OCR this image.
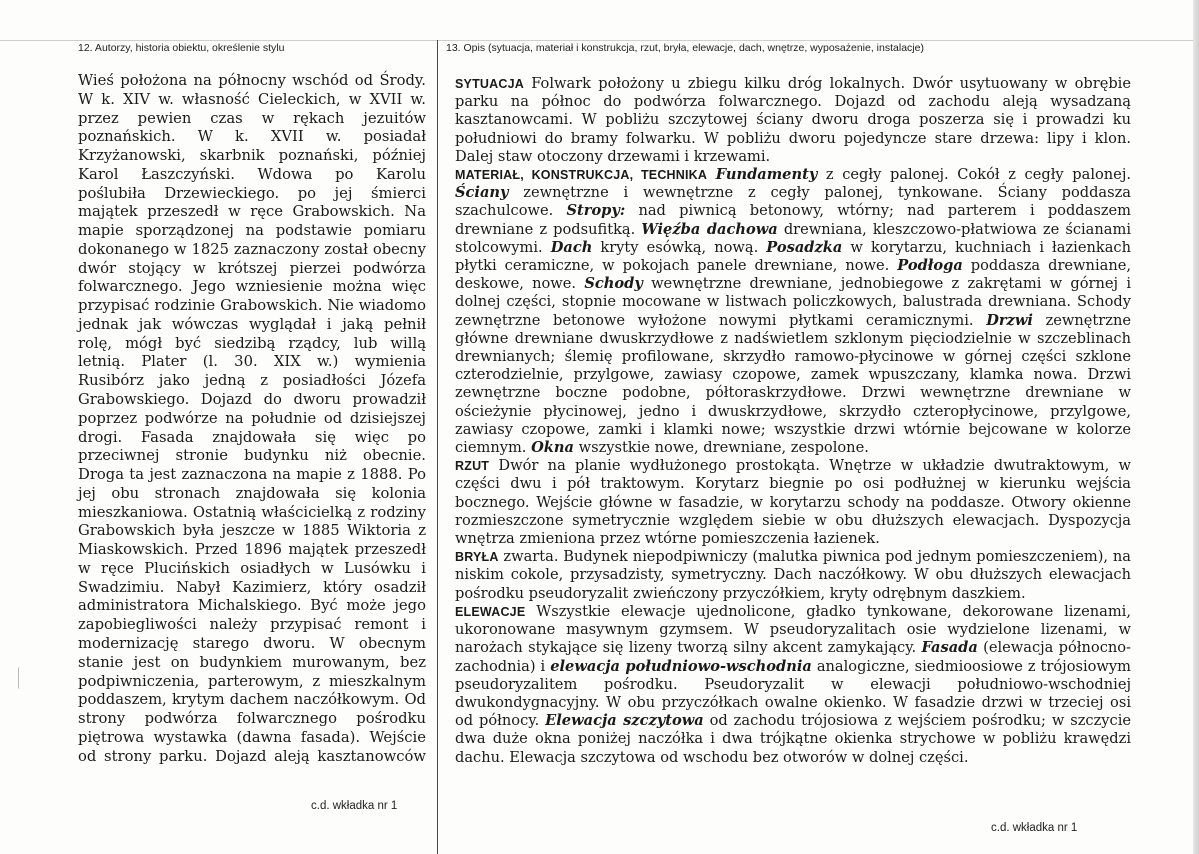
12. Autorzy, historia obiektu, określenie stylu	13. Opis (sytuacja, materiał i konstrukcja, rzut, bryła, elewacje, dach, wnętrze, wyposażenie, instalacje)
Wieś położona na północny wschód od Środy. W k. XIV w. własność Cieleckich, w XVII w. przez pewien czas w rękach jezuitów poznańskich. W k. XVII w. posiadał Krzyżanowski, skarbnik poznański, później Karol Łaszczyński. Wdowa po Karolu poślubiła Drzewieckiego. po jej śmierci majątek przeszedł w ręce Grabowskich. Na mapie sporządzonej na podstawie pomiaru dokonanego w 1825 zaznaczony został obecny dwór stojący w krótszej pierzei podwórza folwarcznego. Jego wzniesienie można więc przypisać rodzinie Grabowskich. Nie wiadomo jednak jak wówczas wyglądał i jaką pełnił rolę, mógł być siedzibą rządcy, lub willą letnią. Plater (l. 30. XIX w.) wymienia Rusibórz jako jedną z posiadłości Józefa Grabowskiego. Dojazd do dworu prowadził poprzez podwórze na południe od dzisiejszej drogi. Fasada znajdowała się więc po przeciwnej stronie budynku niż obecnie. Droga ta jest zaznaczona na mapie z 1888. Po jej obu stronach znajdowała się kolonia mieszkaniowa. Ostatnią właścicielką z rodziny Grabowskich była jeszcze w 1885 Wiktoria z Miaskowskich. Przed 1896 majątek przeszedł w ręce Plucińskich osiadłych w Lusówku i Swadzimiu. Nabył Kazimierz, który osadził administratora Michalskiego. Być może jego zapobiegliwości należy przypisać remont i modernizację starego dworu. W obecnym stanie jest on budynkiem murowanym, bez podpiwniczenia, parterowym, z mieszkalnym poddaszem, krytym dachem naczółkowym. Od strony podwórza folwarcznego pośrodku piętrowa wystawka (dawna fasada). Wejście od strony parku. Dojazd aleją kasztanowców
SYTUACJA Folwark położony u zbiegu kilku dróg lokalnych. Dwór usytuowany w obrębie parku na północ do podwórza folwarcznego. Dojazd od zachodu aleją wysadzaną kasztanowcami. W pobliżu szczytowej ściany dworu droga poszerza się i prowadzi ku południowi do bramy folwarku. W pobliżu dworu pojedyncze stare drzewa: lipy i klon. Dalej staw otoczony drzewami i krzewami.
MATERIAŁ, KONSTRUKCJA, TECHNIKA Fundamenty z cegły palonej. Cokół z cegły palonej. Ściany zewnętrzne i wewnętrzne z cegły palonej, tynkowane. Ściany poddasza szachulcowe. Stropy: nad piwnicą betonowy, wtórny; nad parterem i poddaszem drewniane z podsufitką. Więźba dachowa drewniana, kleszczowo-płatwiowa ze ścianami stolcowymi. Dach kryty esówką, nową. Posadzka w korytarzu, kuchniach i łazienkach płytki ceramiczne, w pokojach panele drewniane, nowe. Podłoga poddasza drewniane, deskowe, nowe. Schody wewnętrzne drewniane, jednobiegowe z zakrętami w górnej i dolnej części, stopnie mocowane w listwach policzkowych, balustrada drewniana. Schody zewnętrzne betonowe wyłożone nowymi płytkami ceramicznymi. Drzwi zewnętrzne główne drewniane dwuskrzydłowe z nadświetlem szklonym pięciodzielnie w szczeblinach drewnianych; ślemię profilowane, skrzydło ramowo-płycinowe w górnej części szklone czterodzielnie, przylgowe, zawiasy czopowe, zamek wpuszczany, klamka nowa. Drzwi zewnętrzne boczne podobne, półtoraskrzydłowe. Drzwi wewnętrzne drewniane w ościeżynie płycinowej, jedno i dwuskrzydłowe, skrzydło czteropłycinowe, przylgowe, zawiasy czopowe, zamki i klamki nowe; wszystkie drzwi wtórnie bejcowane w kolorze ciemnym. Okna wszystkie nowe, drewniane, zespolone.
RZUT Dwór na planie wydłużonego prostokąta. Wnętrze w układzie dwutraktowym, w części dwu i pół traktowym. Korytarz biegnie po osi podłużnej w kierunku wejścia bocznego. Wejście główne w fasadzie, w korytarzu schody na poddasze. Otwory okienne rozmieszczone symetrycznie względem siebie w obu dłuższych elewacjach. Dyspozycja wnętrza zmieniona przez wtórne pomieszczenia łazienek.
BRYŁA zwarta. Budynek niepodpiwniczy (malutka piwnica pod jednym pomieszczeniem), na niskim cokole, przysadzisty, symetryczny. Dach naczółkowy. W obu dłuższych elewacjach pośrodku pseudoryzalit zwieńczony przyczółkiem, kryty odrębnym daszkiem.
ELEWACJE Wszystkie elewacje ujednolicone, gładko tynkowane, dekorowane lizenami, ukoronowane masywnym gzymsem. W pseudoryzalitach osie wydzielone lizenami, w narożach stykające się lizeny tworzą silny akcent zamykający. Fasada (elewacja północno-zachodnia) i elewacja południowo-wschodnia analogiczne, siedmioosiowe z trójosiowym pseudoryzalitem pośrodku. Pseudoryzalit w elewacji południowo-wschodniej dwukondygnacyjny. W obu przyczółkach owalne okienko. W fasadzie drzwi w trzeciej osi od północy. Elewacja szczytowa od zachodu trójosiowa z wejściem pośrodku; w szczycie dwa duże okna poniżej naczółka i dwa trójkątne okienka strychowe w pobliżu krawędzi dachu. Elewacja szczytowa od wschodu bez otworów w dolnej części.
c.d. wkładka nr 1
c.d. wkładka nr 1
